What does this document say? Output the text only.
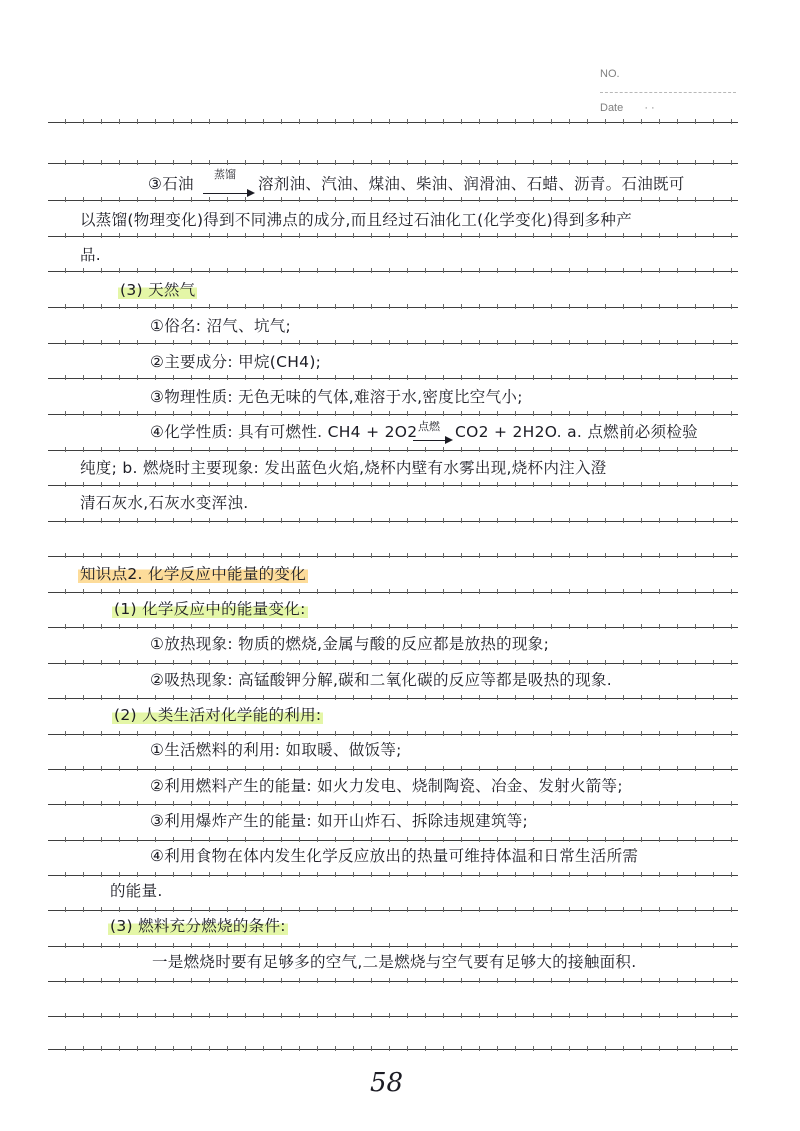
NO.
Date · ·
③石油	溶剂油、汽油、煤油、柴油、润滑油、石蜡、沥青。石油既可
以蒸馏(物理变化)得到不同沸点的成分,而且经过石油化工(化学变化)得到多种产
品.
(3) 天然气
①俗名: 沼气、坑气;
②主要成分: 甲烷(CH4);
③物理性质: 无色无味的气体,难溶于水,密度比空气小;
④化学性质: 具有可燃性. CH4 + 2O2 CO2 + 2H2O. a. 点燃前必须检验
纯度; b. 燃烧时主要现象: 发出蓝色火焰,烧杯内壁有水雾出现,烧杯内注入澄
清石灰水,石灰水变浑浊.
知识点2. 化学反应中能量的变化
(1) 化学反应中的能量变化:
①放热现象: 物质的燃烧,金属与酸的反应都是放热的现象;
②吸热现象: 高锰酸钾分解,碳和二氧化碳的反应等都是吸热的现象.
(2) 人类生活对化学能的利用:
①生活燃料的利用: 如取暖、做饭等;
②利用燃料产生的能量: 如火力发电、烧制陶瓷、冶金、发射火箭等;
③利用爆炸产生的能量: 如开山炸石、拆除违规建筑等;
④利用食物在体内发生化学反应放出的热量可维持体温和日常生活所需
的能量.
(3) 燃料充分燃烧的条件:
一是燃烧时要有足够多的空气,二是燃烧与空气要有足够大的接触面积.
蒸馏
点燃
58
